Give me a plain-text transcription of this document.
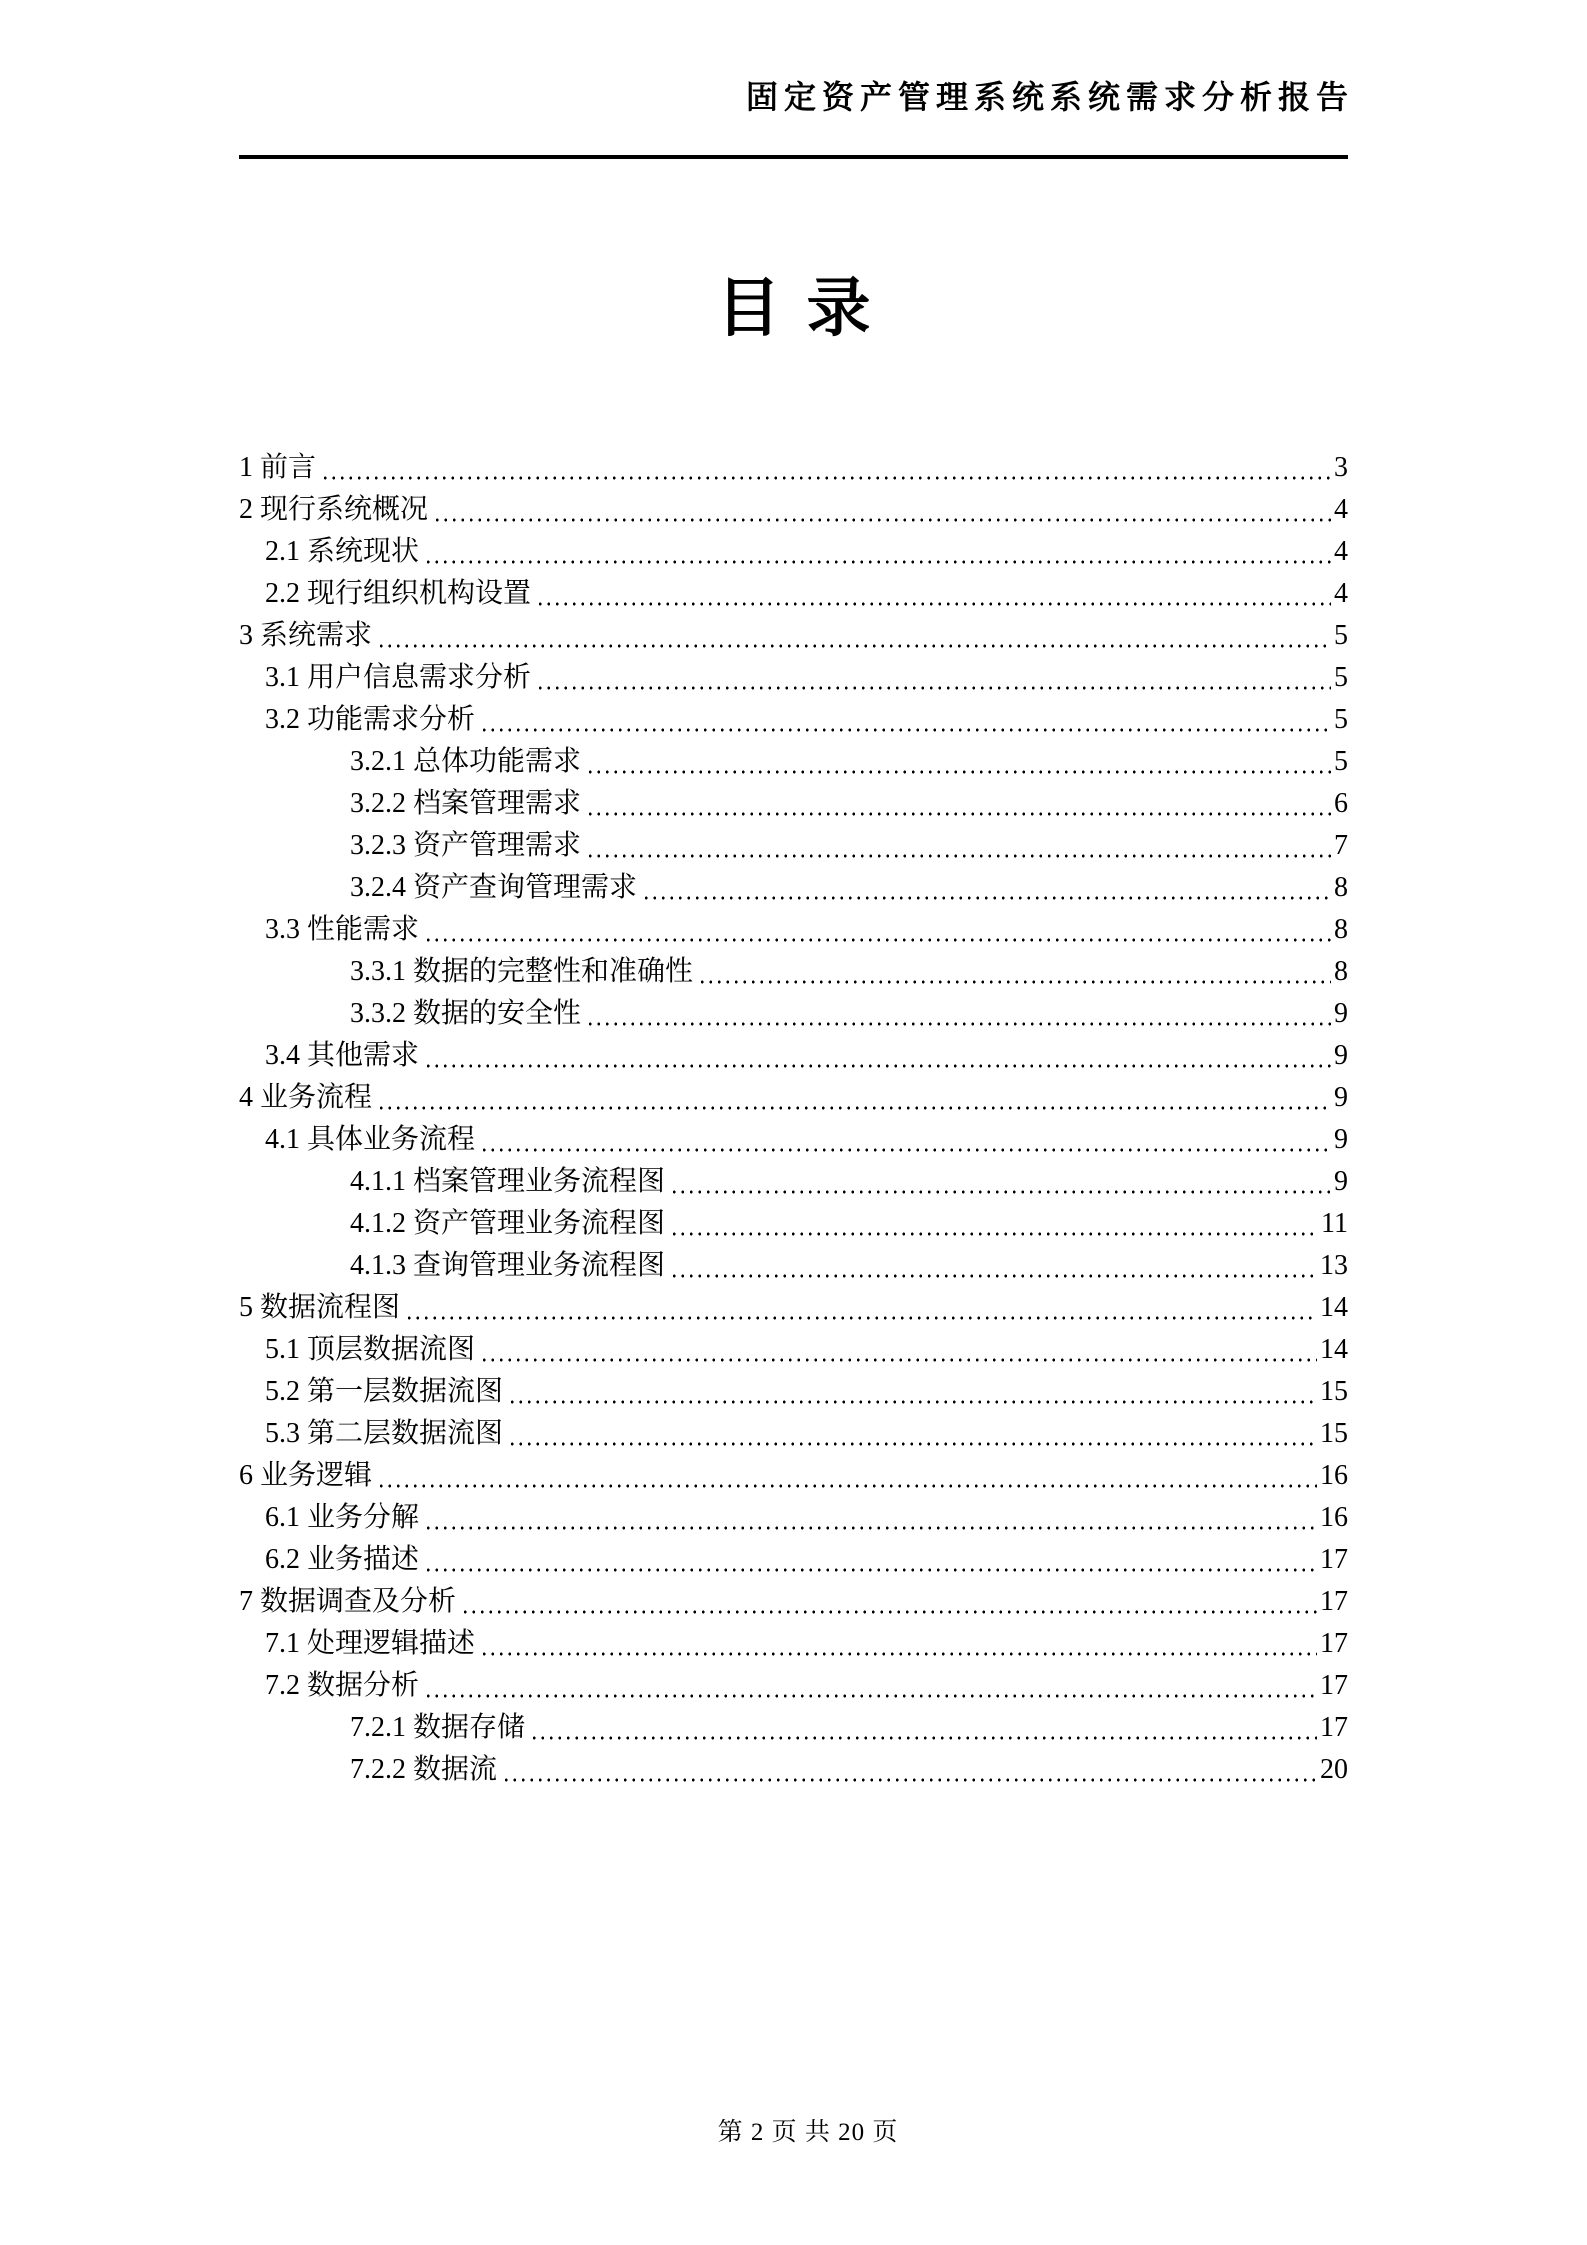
固定资产管理系统系统需求分析报告
目录
1 前言	3
2 现行系统概况	4
2.1 系统现状	4
2.2 现行组织机构设置	4
3 系统需求	5
3.1 用户信息需求分析	5
3.2 功能需求分析	5
3.2.1 总体功能需求	5
3.2.2 档案管理需求	6
3.2.3 资产管理需求	7
3.2.4 资产查询管理需求	8
3.3 性能需求	8
3.3.1 数据的完整性和准确性	8
3.3.2 数据的安全性	9
3.4 其他需求	9
4 业务流程	9
4.1 具体业务流程	9
4.1.1 档案管理业务流程图	9
4.1.2 资产管理业务流程图	11
4.1.3 查询管理业务流程图	13
5 数据流程图	14
5.1 顶层数据流图	14
5.2 第一层数据流图	15
5.3 第二层数据流图	15
6 业务逻辑	16
6.1 业务分解	16
6.2 业务描述	17
7 数据调查及分析	17
7.1 处理逻辑描述	17
7.2 数据分析	17
7.2.1 数据存储	17
7.2.2 数据流	20

第 2 页 共 20 页
